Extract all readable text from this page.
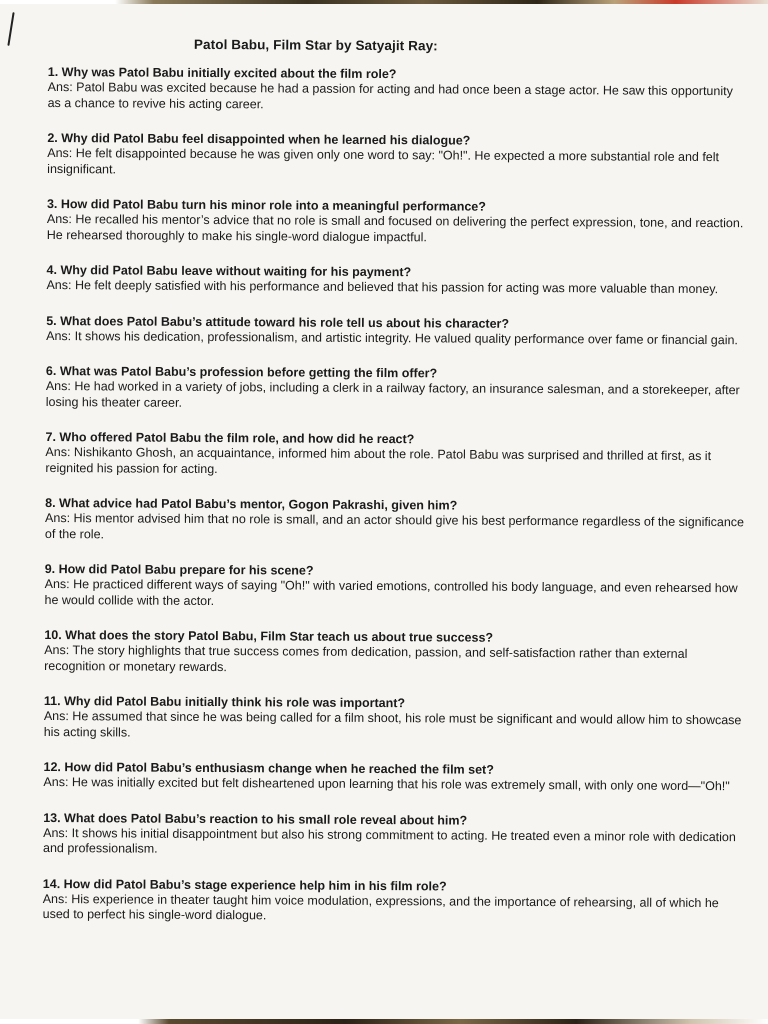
Patol Babu, Film Star by Satyajit Ray:
1. Why was Patol Babu initially excited about the film role?
Ans: Patol Babu was excited because he had a passion for acting and had once been a stage actor. He saw this opportunity as a chance to revive his acting career.
2. Why did Patol Babu feel disappointed when he learned his dialogue?
Ans: He felt disappointed because he was given only one word to say: "Oh!". He expected a more substantial role and felt insignificant.
3. How did Patol Babu turn his minor role into a meaningful performance?
Ans: He recalled his mentor’s advice that no role is small and focused on delivering the perfect expression, tone, and reaction. He rehearsed thoroughly to make his single-word dialogue impactful.
4. Why did Patol Babu leave without waiting for his payment?
Ans: He felt deeply satisfied with his performance and believed that his passion for acting was more valuable than money.
5. What does Patol Babu’s attitude toward his role tell us about his character?
Ans: It shows his dedication, professionalism, and artistic integrity. He valued quality performance over fame or financial gain.
6. What was Patol Babu’s profession before getting the film offer?
Ans: He had worked in a variety of jobs, including a clerk in a railway factory, an insurance salesman, and a storekeeper, after losing his theater career.
7. Who offered Patol Babu the film role, and how did he react?
Ans: Nishikanto Ghosh, an acquaintance, informed him about the role. Patol Babu was surprised and thrilled at first, as it reignited his passion for acting.
8. What advice had Patol Babu’s mentor, Gogon Pakrashi, given him?
Ans: His mentor advised him that no role is small, and an actor should give his best performance regardless of the significance of the role.
9. How did Patol Babu prepare for his scene?
Ans: He practiced different ways of saying "Oh!" with varied emotions, controlled his body language, and even rehearsed how he would collide with the actor.
10. What does the story Patol Babu, Film Star teach us about true success?
Ans: The story highlights that true success comes from dedication, passion, and self-satisfaction rather than external recognition or monetary rewards.
11. Why did Patol Babu initially think his role was important?
Ans: He assumed that since he was being called for a film shoot, his role must be significant and would allow him to showcase his acting skills.
12. How did Patol Babu’s enthusiasm change when he reached the film set?
Ans: He was initially excited but felt disheartened upon learning that his role was extremely small, with only one word—"Oh!"
13. What does Patol Babu’s reaction to his small role reveal about him?
Ans: It shows his initial disappointment but also his strong commitment to acting. He treated even a minor role with dedication and professionalism.
14. How did Patol Babu’s stage experience help him in his film role?
Ans: His experience in theater taught him voice modulation, expressions, and the importance of rehearsing, all of which he used to perfect his single-word dialogue.
